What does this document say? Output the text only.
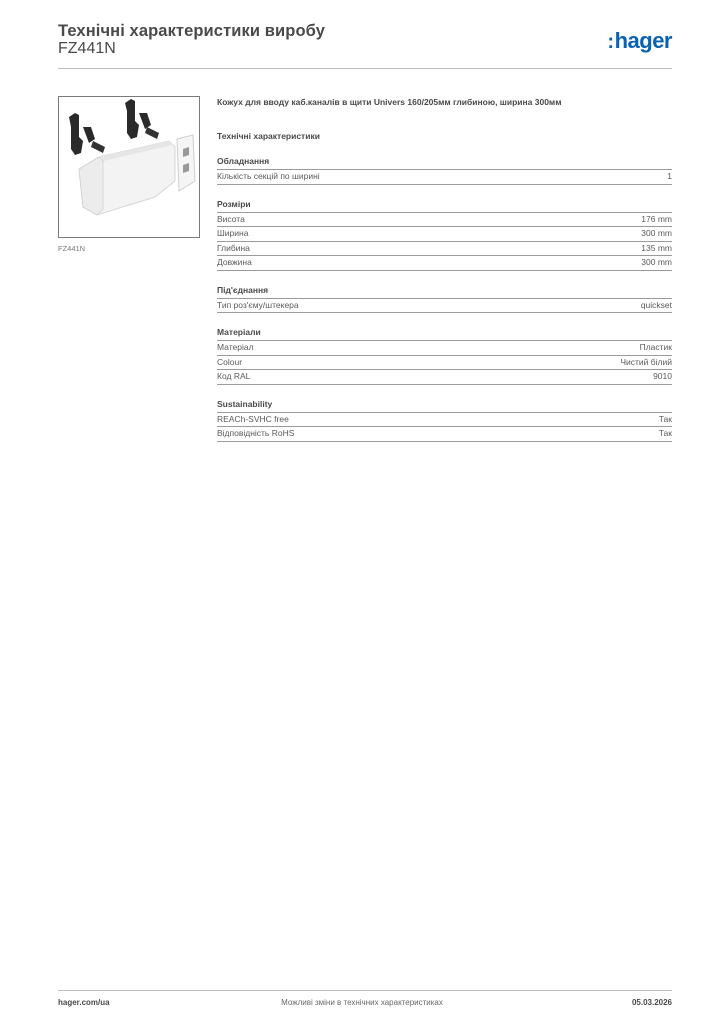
Технічні характеристики виробу
FZ441N	:hager
FZ441N

Кожух для вводу каб.каналів в щити Univers 160/205мм глибиною, ширина 300мм

Технічні характеристики
Обладнання
Кількість секцій по ширині	1
Розміри
Висота	176 mm
Ширина	300 mm
Глибина	135 mm
Довжина	300 mm
Під'єднання
Тип роз'єму/штекера	quickset
Матеріали
Матеріал	Пластик
Colour	Чистий білий
Код RAL	9010
Sustainability
REACh-SVHC free	Так
Відповідність RoHS	Так
Можливі зміни в технічних характеристиках
hager.com/ua	05.03.2026
